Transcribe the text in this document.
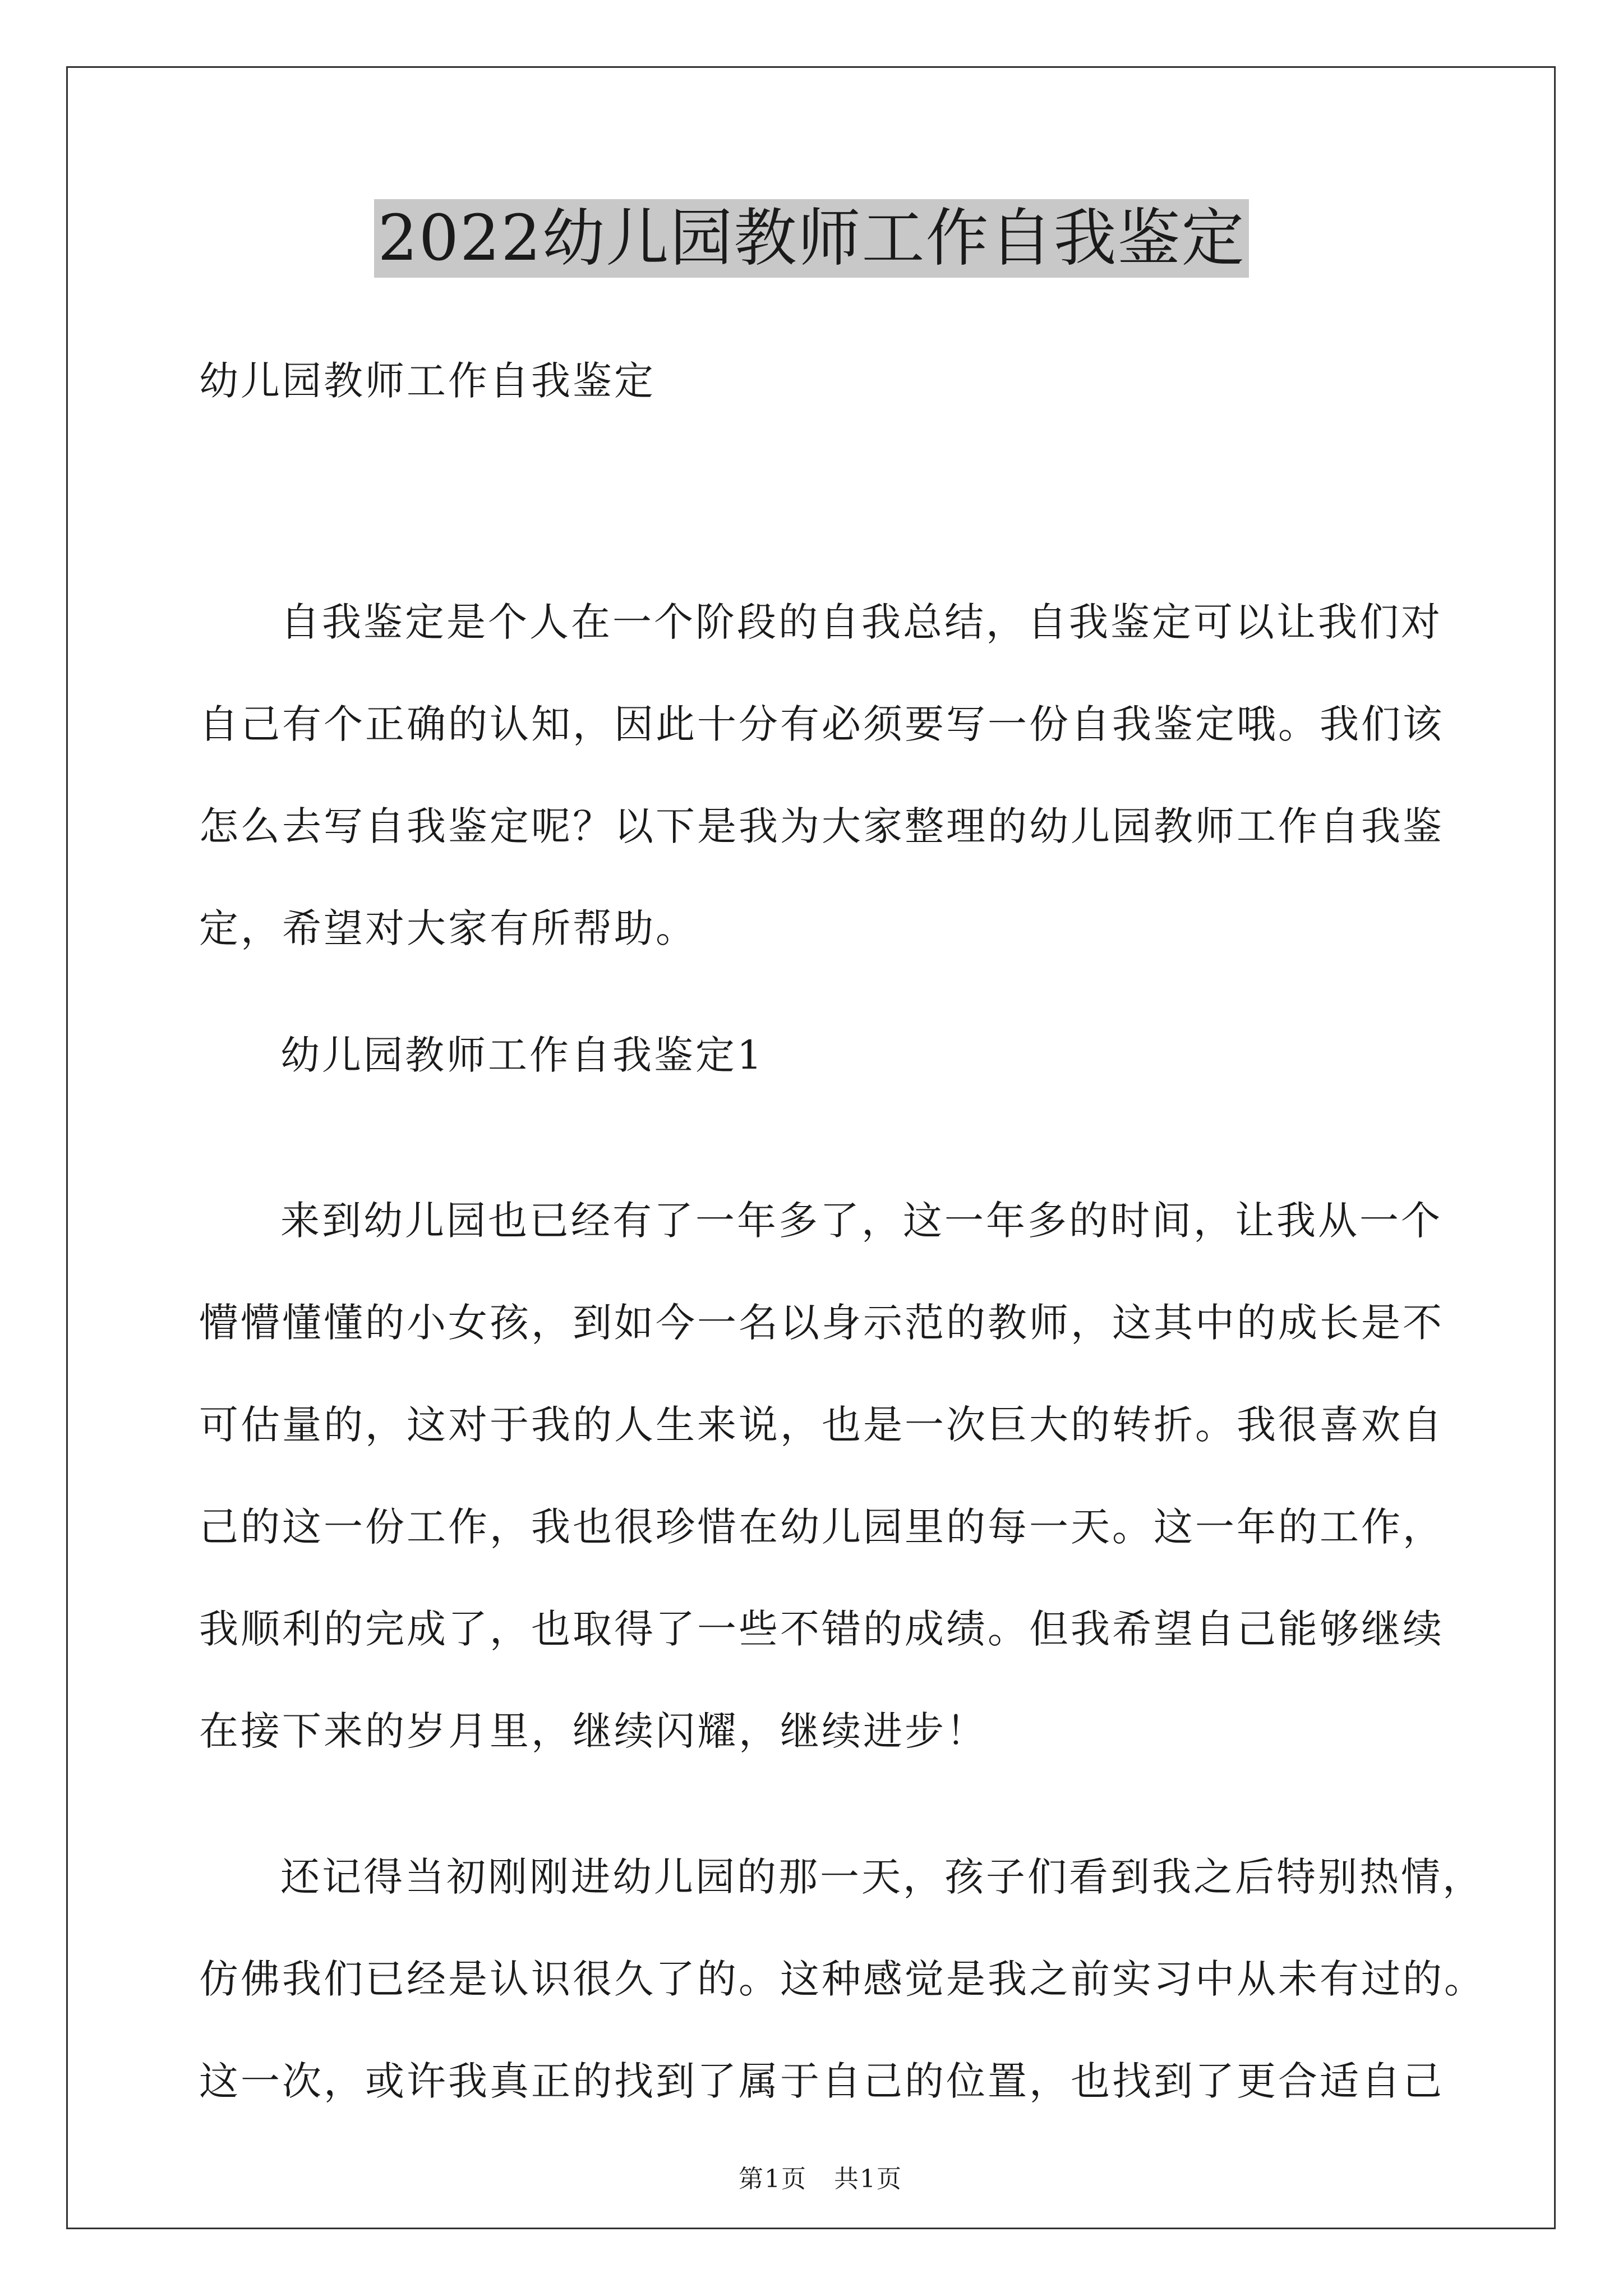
2022幼儿园教师工作自我鉴定
幼儿园教师工作自我鉴定
自我鉴定是个人在一个阶段的自我总结，自我鉴定可以让我们对
自己有个正确的认知，因此十分有必须要写一份自我鉴定哦。我们该
怎么去写自我鉴定呢？以下是我为大家整理的幼儿园教师工作自我鉴
定，希望对大家有所帮助。
幼儿园教师工作自我鉴定1
来到幼儿园也已经有了一年多了，这一年多的时间，让我从一个
懵懵懂懂的小女孩，到如今一名以身示范的教师，这其中的成长是不
可估量的，这对于我的人生来说，也是一次巨大的转折。我很喜欢自
己的这一份工作，我也很珍惜在幼儿园里的每一天。这一年的工作，
我顺利的完成了，也取得了一些不错的成绩。但我希望自己能够继续
在接下来的岁月里，继续闪耀，继续进步！
还记得当初刚刚进幼儿园的那一天，孩子们看到我之后特别热情，
仿佛我们已经是认识很久了的。这种感觉是我之前实习中从未有过的。
这一次，或许我真正的找到了属于自己的位置，也找到了更合适自己

第1页   共1页
